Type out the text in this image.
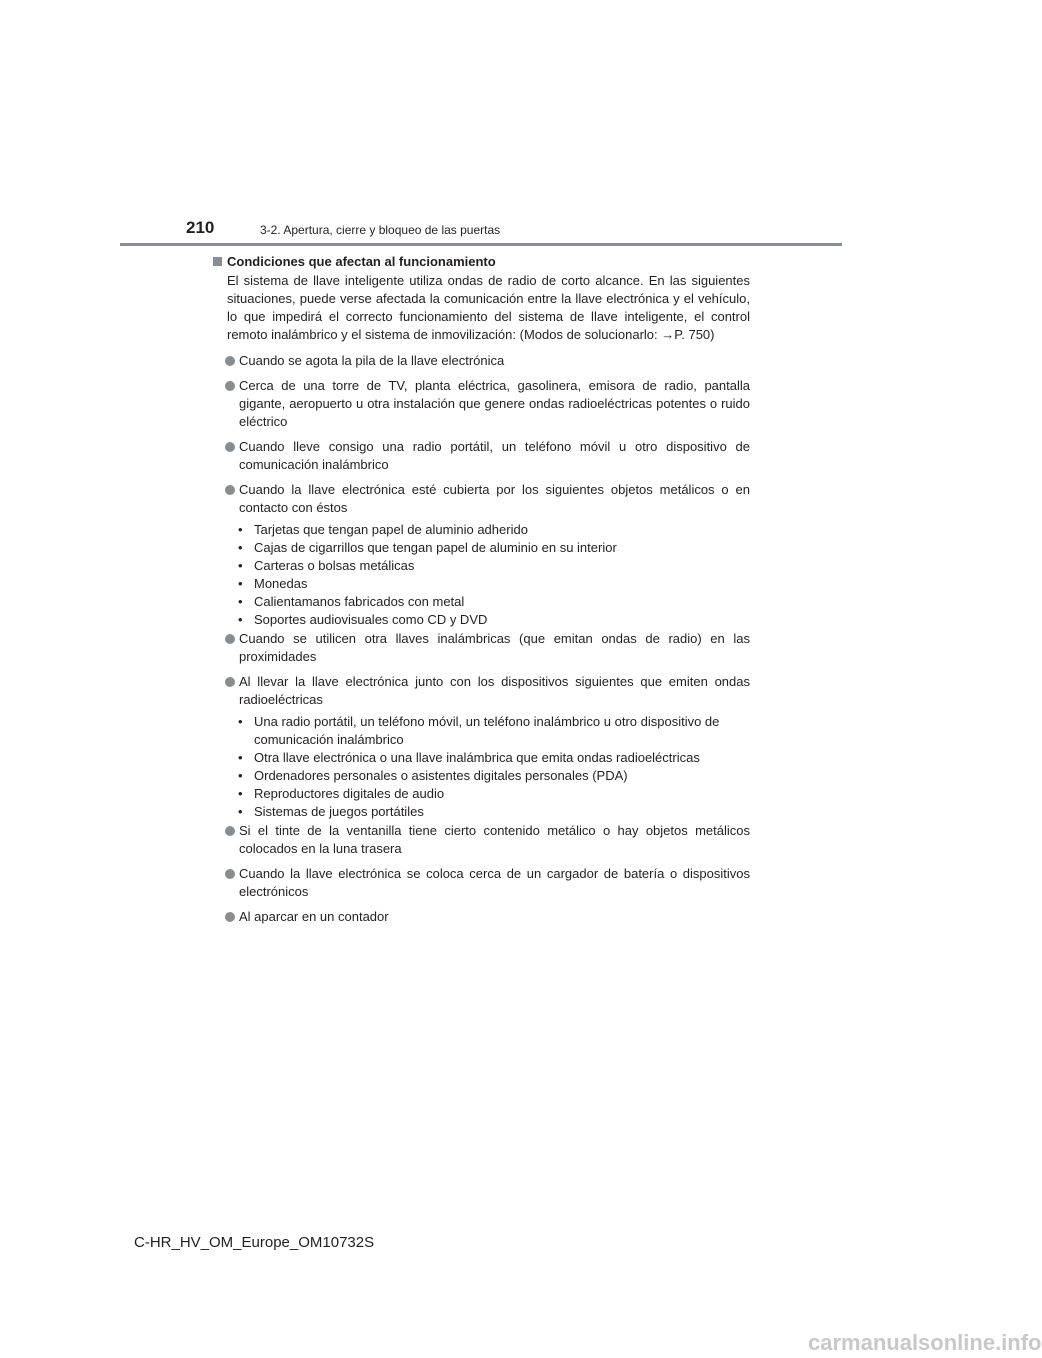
210	3-2. Apertura, cierre y bloqueo de las puertas
Condiciones que afectan al funcionamiento
El sistema de llave inteligente utiliza ondas de radio de corto alcance. En las siguientes situaciones, puede verse afectada la comunicación entre la llave electrónica y el vehículo, lo que impedirá el correcto funcionamiento del sistema de llave inteligente, el control remoto inalámbrico y el sistema de inmovilización: (Modos de solucionarlo: →P. 750)
Cuando se agota la pila de la llave electrónica
Cerca de una torre de TV, planta eléctrica, gasolinera, emisora de radio, pantalla gigante, aeropuerto u otra instalación que genere ondas radioeléctricas potentes o ruido eléctrico
Cuando lleve consigo una radio portátil, un teléfono móvil u otro dispositivo de comunicación inalámbrico
Cuando la llave electrónica esté cubierta por los siguientes objetos metálicos o en contacto con éstos
• Tarjetas que tengan papel de aluminio adherido
• Cajas de cigarrillos que tengan papel de aluminio en su interior
• Carteras o bolsas metálicas
• Monedas
• Calientamanos fabricados con metal
• Soportes audiovisuales como CD y DVD
Cuando se utilicen otra llaves inalámbricas (que emitan ondas de radio) en las proximidades
Al llevar la llave electrónica junto con los dispositivos siguientes que emiten ondas radioeléctricas
• Una radio portátil, un teléfono móvil, un teléfono inalámbrico u otro dispositivo de comunicación inalámbrico
• Otra llave electrónica o una llave inalámbrica que emita ondas radioeléctricas
• Ordenadores personales o asistentes digitales personales (PDA)
• Reproductores digitales de audio
• Sistemas de juegos portátiles
Si el tinte de la ventanilla tiene cierto contenido metálico o hay objetos metálicos colocados en la luna trasera
Cuando la llave electrónica se coloca cerca de un cargador de batería o dispositivos electrónicos
Al aparcar en un contador
C-HR_HV_OM_Europe_OM10732S
carmanualsonline.info
